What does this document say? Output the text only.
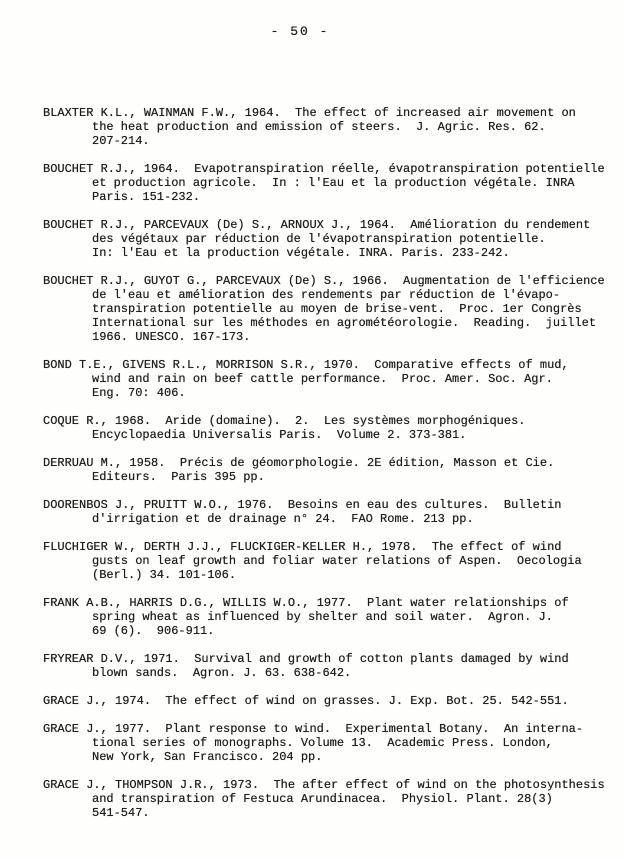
- 50 -

BLAXTER K.L., WAINMAN F.W., 1964.  The effect of increased air movement on
the heat production and emission of steers.  J. Agric. Res. 62.
207-214.

BOUCHET R.J., 1964.  Evapotranspiration réelle, évapotranspiration potentielle
et production agricole.  In : l'Eau et la production végétale. INRA
Paris. 151-232.

BOUCHET R.J., PARCEVAUX (De) S., ARNOUX J., 1964.  Amélioration du rendement
des végétaux par réduction de l'évapotranspiration potentielle.
In: l'Eau et la production végétale. INRA. Paris. 233-242.

BOUCHET R.J., GUYOT G., PARCEVAUX (De) S., 1966.  Augmentation de l'efficience
de l'eau et amélioration des rendements par réduction de l'évapo-
transpiration potentielle au moyen de brise-vent.  Proc. 1er Congrès
International sur les méthodes en agrométéorologie.  Reading.  juillet
1966. UNESCO. 167-173.

BOND T.E., GIVENS R.L., MORRISON S.R., 1970.  Comparative effects of mud,
wind and rain on beef cattle performance.  Proc. Amer. Soc. Agr.
Eng. 70: 406.

COQUE R., 1968.  Aride (domaine).  2.  Les systèmes morphogéniques.
Encyclopaedia Universalis Paris.  Volume 2. 373-381.

DERRUAU M., 1958.  Précis de géomorphologie. 2E édition, Masson et Cie.
Editeurs.  Paris 395 pp.

DOORENBOS J., PRUITT W.O., 1976.  Besoins en eau des cultures.  Bulletin
d'irrigation et de drainage n° 24.  FAO Rome. 213 pp.

FLUCHIGER W., DERTH J.J., FLUCKIGER-KELLER H., 1978.  The effect of wind
gusts on leaf growth and foliar water relations of Aspen.  Oecologia
(Berl.) 34. 101-106.

FRANK A.B., HARRIS D.G., WILLIS W.O., 1977.  Plant water relationships of
spring wheat as influenced by shelter and soil water.  Agron. J.
69 (6).  906-911.

FRYREAR D.V., 1971.  Survival and growth of cotton plants damaged by wind
blown sands.  Agron. J. 63. 638-642.

GRACE J., 1974.  The effect of wind on grasses. J. Exp. Bot. 25. 542-551.

GRACE J., 1977.  Plant response to wind.  Experimental Botany.  An interna-
tional series of monographs. Volume 13.  Academic Press. London,
New York, San Francisco. 204 pp.

GRACE J., THOMPSON J.R., 1973.  The after effect of wind on the photosynthesis
and transpiration of Festuca Arundinacea.  Physiol. Plant. 28(3)
541-547.
